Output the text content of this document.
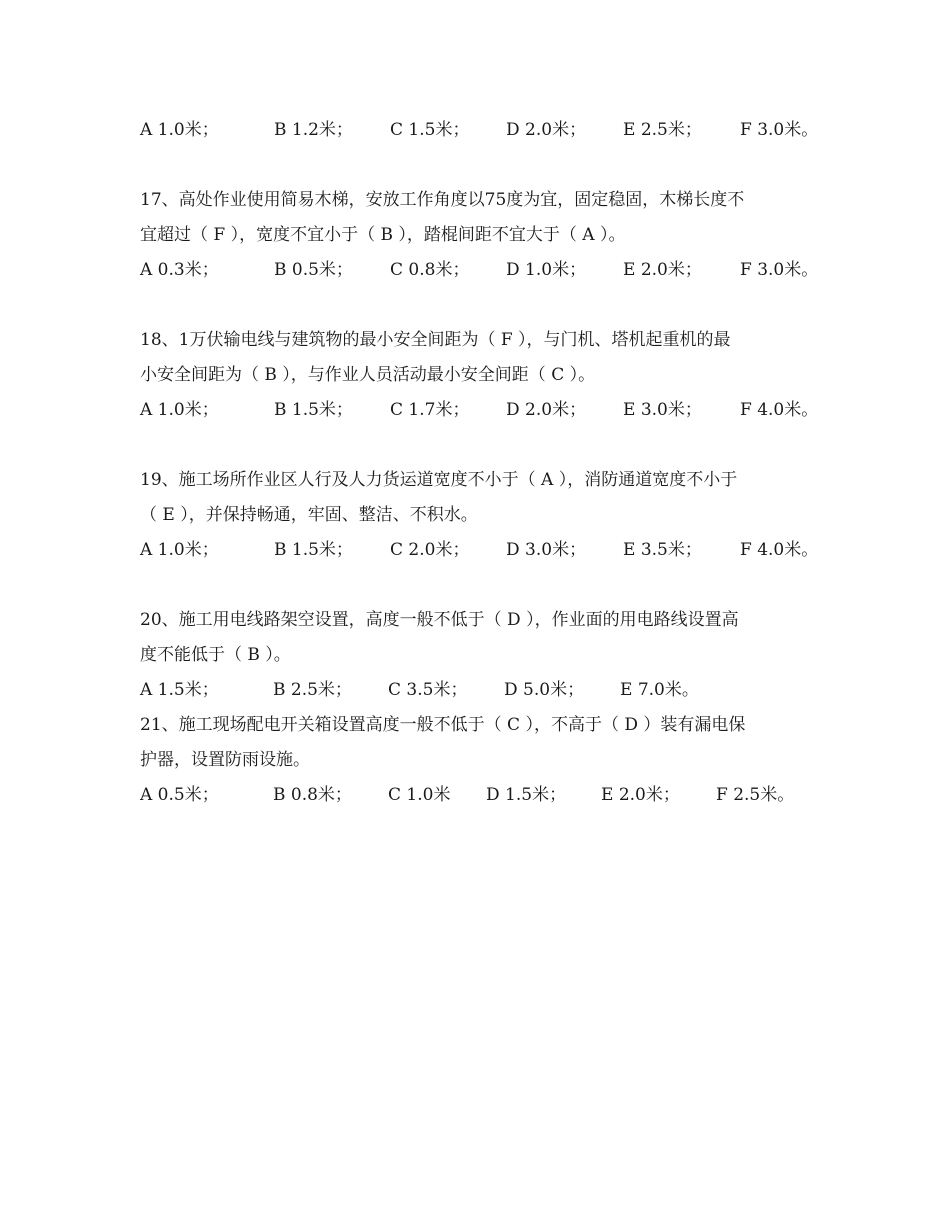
A 1.0米；	B 1.2米； C 1.5米； D 2.0米； E 2.5米； F 3.0米。
17、高处作业使用简易木梯，安放工作角度以75度为宜，固定稳固，木梯长度不
宜超过（ F ），宽度不宜小于（ B ），踏棍间距不宜大于（ A ）。
A 0.3米；	B 0.5米； C 0.8米； D 1.0米； E 2.0米； F 3.0米。
18、1万伏输电线与建筑物的最小安全间距为（ F ），与门机、塔机起重机的最
小安全间距为（ B ），与作业人员活动最小安全间距（ C ）。
A 1.0米；	B 1.5米； C 1.7米； D 2.0米； E 3.0米； F 4.0米。
19、施工场所作业区人行及人力货运道宽度不小于（ A ），消防通道宽度不小于
（ E ），并保持畅通，牢固、整洁、不积水。
A 1.0米；	B 1.5米； C 2.0米； D 3.0米； E 3.5米； F 4.0米。
20、施工用电线路架空设置，高度一般不低于（ D ），作业面的用电路线设置高
度不能低于（ B ）。
A 1.5米；	B 2.5米； C 3.5米； D 5.0米； E 7.0米。
21、施工现场配电开关箱设置高度一般不低于（ C ），不高于（ D ）装有漏电保
护器，设置防雨设施。
A 0.5米；	B 0.8米； C 1.0米 D 1.5米； E 2.0米； F 2.5米。
